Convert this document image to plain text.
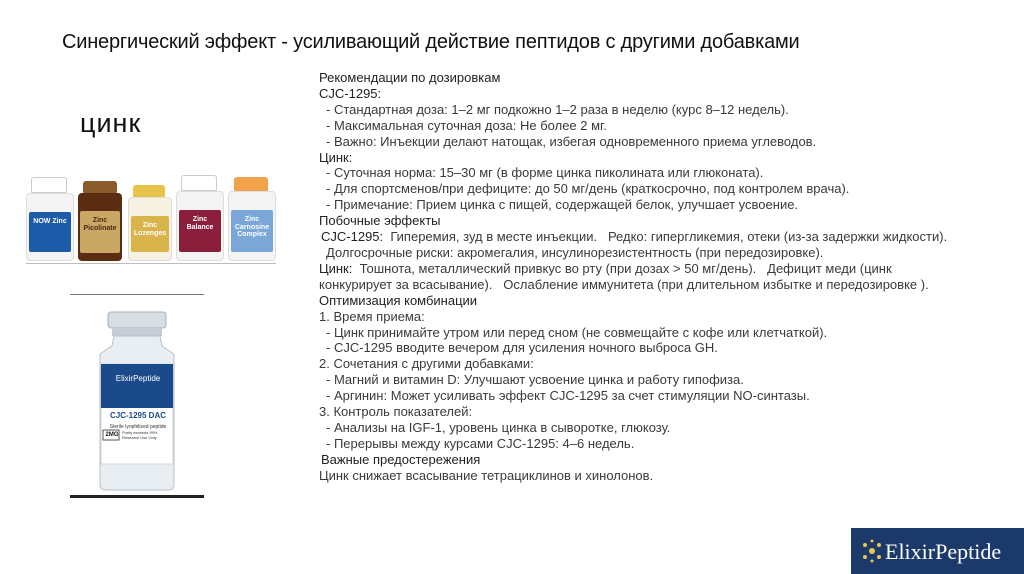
Синергический эффект - усиливающий действие пептидов с другими добавками
цинк
NOW Zinc	Zinc Picolinate	Zinc Lozenges
Zinc Balance
Zinc Carnosine Complex
ElixirPeptide
CJC-1295 DAC
Sterile lyophilized peptide
2MG Purity exceeds 99% Research Use Only
Рекомендации по дозировкам
CJC-1295:
- Стандартная доза: 1–2 мг подкожно 1–2 раза в неделю (курс 8–12 недель).
- Максимальная суточная доза: Не более 2 мг.
- Важно: Инъекции делают натощак, избегая одновременного приема углеводов.
Цинк:
- Суточная норма: 15–30 мг (в форме цинка пиколината или глюконата).
- Для спортсменов/при дефиците: до 50 мг/день (краткосрочно, под контролем врача).
- Примечание: Прием цинка с пищей, содержащей белок, улучшает усвоение.
Побочные эффекты
CJC-1295:  Гиперемия, зуд в месте инъекции.   Редко: гипергликемия, отеки (из-за задержки жидкости).
Долгосрочные риски: акромегалия, инсулинорезистентность (при передозировке).
Цинк:  Тошнота, металлический привкус во рту (при дозах > 50 мг/день).   Дефицит меди (цинк конкурирует за всасывание).   Ослабление иммунитета (при длительном избытке и передозировке ).
Оптимизация комбинации
1. Время приема:
- Цинк принимайте утром или перед сном (не совмещайте с кофе или клетчаткой).
- CJC-1295 вводите вечером для усиления ночного выброса GH.
2. Сочетания с другими добавками:
- Магний и витамин D: Улучшают усвоение цинка и работу гипофиза.
- Аргинин: Может усиливать эффект CJC-1295 за счет стимуляции NO-синтазы.
3. Контроль показателей:
- Анализы на IGF-1, уровень цинка в сыворотке, глюкозу.
- Перерывы между курсами CJC-1295: 4–6 недель.
Важные предостережения
Цинк снижает всасывание тетрациклинов и хинолонов.
ElixirPeptide
